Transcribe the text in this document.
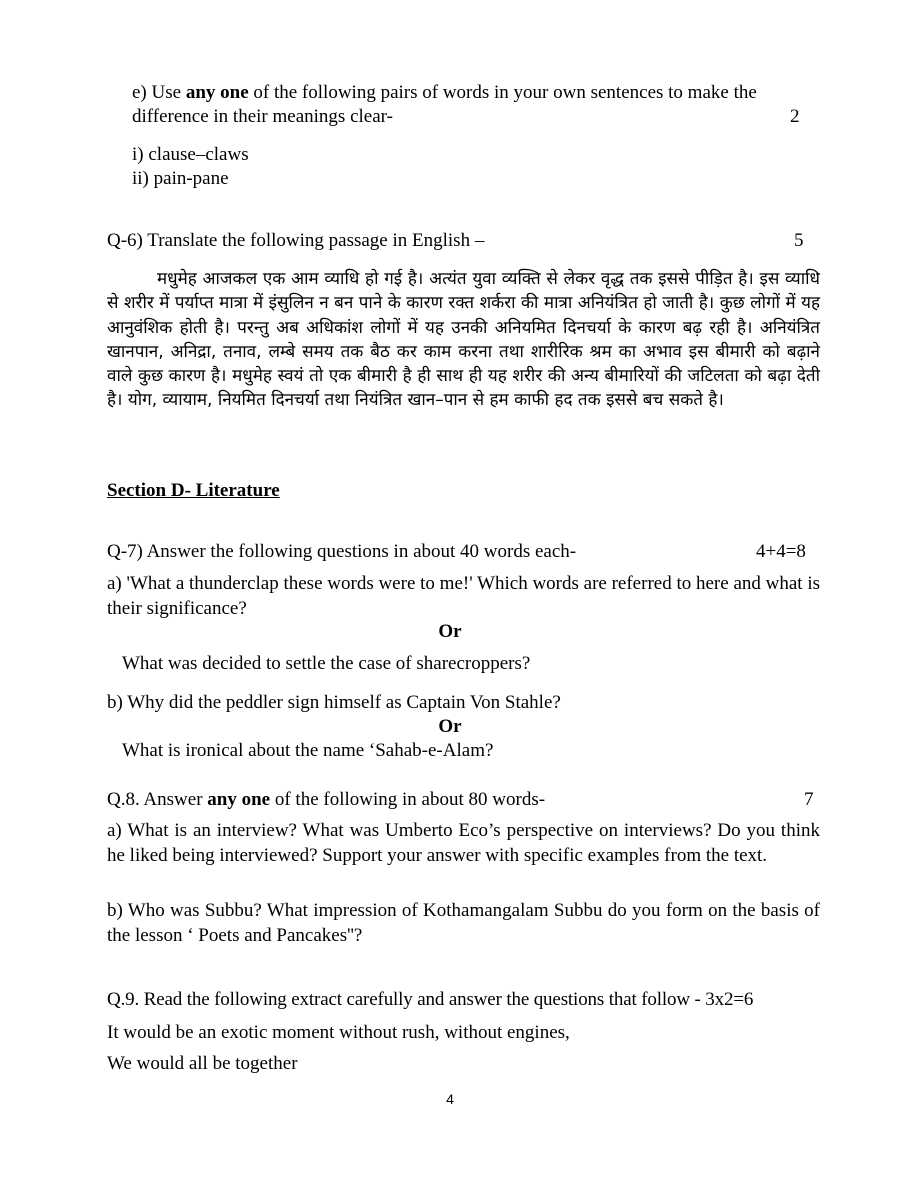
e) Use any one of the following pairs of words in your own sentences to make the
difference in their meanings clear-	2
i) clause–claws
ii) pain-pane
Q-6) Translate the following passage in English –	5
मधुमेह आजकल एक आम व्याधि हो गई है। अत्यंत युवा व्यक्ति से लेकर वृद्ध तक इससे पीड़ित है। इस व्याधि से शरीर में पर्याप्त मात्रा में इंसुलिन न बन पाने के कारण रक्त शर्करा की मात्रा अनियंत्रित हो जाती है। कुछ लोगों में यह आनुवंशिक होती है। परन्तु अब अधिकांश लोगों में यह उनकी अनियमित दिनचर्या के कारण बढ़ रही है। अनियंत्रित खानपान, अनिद्रा, तनाव, लम्बे समय तक बैठ कर काम करना तथा शारीरिक श्रम का अभाव इस बीमारी को बढ़ाने वाले कुछ कारण है। मधुमेह स्वयं तो एक बीमारी है ही साथ ही यह शरीर की अन्य बीमारियों की जटिलता को बढ़ा देती है। योग, व्यायाम, नियमित दिनचर्या तथा नियंत्रित खान–पान से हम काफी हद तक इससे बच सकते है।
Section D- Literature
Q-7) Answer the following questions in about 40 words each-	4+4=8
a) 'What a thunderclap these words were to me!' Which words are referred to here and what is their significance?
Or
What was decided to settle the case of sharecroppers?
b) Why did the peddler sign himself as Captain Von Stahle?
Or
What is ironical about the name ‘Sahab-e-Alam?
Q.8. Answer any one of the following in about 80 words-	7
a) What is an interview? What was Umberto Eco’s perspective on interviews? Do you think he liked being interviewed? Support your answer with specific examples from the text.
b) Who was Subbu? What impression of Kothamangalam Subbu do you form on the basis of the lesson ‘ Poets and Pancakes''?
Q.9. Read the following extract carefully and answer the questions that follow - 3x2=6
It would be an exotic moment without rush, without engines,
We would all be together
4
